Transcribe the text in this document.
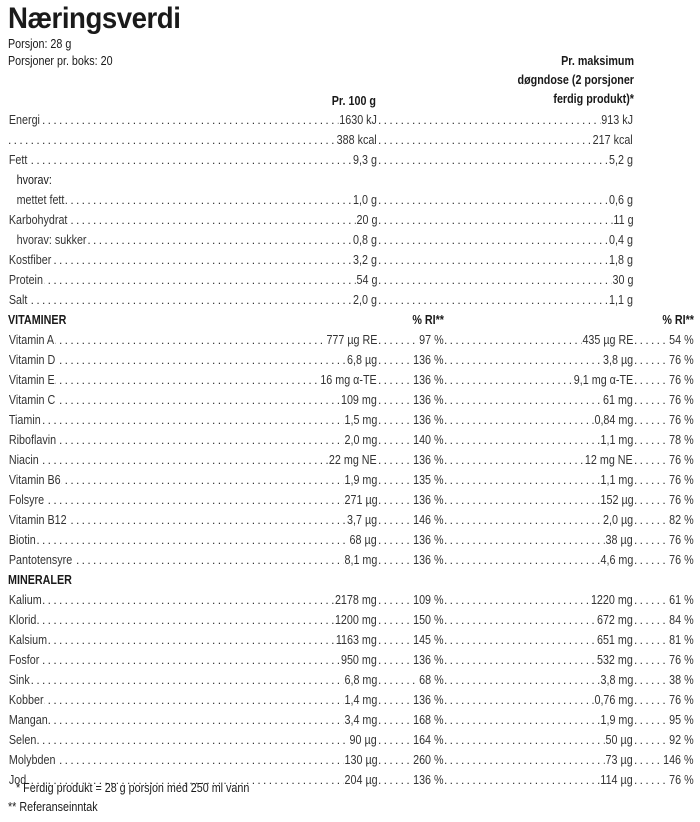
Næringsverdi
Porsjon: 28 g
Porsjoner pr. boks: 20	Pr. maksimum
døgndose (2 porsjoner
ferdig produkt)*
Pr. 100 g
. . . Energi	1630 kJ	. . . 913 kJ
. . . 388 kcal	. . . 217 kcal
. . . Fett	9,3 g	. . . 5,2 g
hvorav:
. . . mettet fett	1,0 g	. . . 0,6 g
. . . Karbohydrat	20 g	. . . 11 g
. . . hvorav: sukker	0,8 g	. . . 0,4 g
. . . Kostfiber	3,2 g	. . . 1,8 g
. . . Protein	54 g	. . . 30 g
. . . Salt	2,0 g	. . . 1,1 g
VITAMINER	% RI**	% RI**
. . . Vitamin A	777 µg RE	. . . 97 %	. . . 435 µg RE	. . . 54 %
. . . Vitamin D	6,8 µg	. . . 136 %	. . . 3,8 µg	. . . 76 %
. . . Vitamin E	16 mg α-TE	. . . 136 %	. . . 9,1 mg α-TE	. . . 76 %
. . . Vitamin C	109 mg	. . . 136 %	. . . 61 mg	. . . 76 %
. . . Tiamin	1,5 mg	. . . 136 %	. . . 0,84 mg	. . . 76 %
. . . Riboflavin	2,0 mg	. . . 140 %	. . . 1,1 mg	. . . 78 %
. . . Niacin	22 mg NE	. . . 136 %	. . . 12 mg NE	. . . 76 %
. . . Vitamin B6	1,9 mg	. . . 135 %	. . . 1,1 mg	. . . 76 %
. . . Folsyre	271 µg	. . . 136 %	. . . 152 µg	. . . 76 %
. . . Vitamin B12	3,7 µg	. . . 146 %	. . . 2,0 µg	. . . 82 %
. . . Biotin	68 µg	. . . 136 %	. . . 38 µg	. . . 76 %
. . . Pantotensyre	8,1 mg	. . . 136 %	. . . 4,6 mg	. . . 76 %
MINERALER
. . . Kalium	2178 mg	. . . 109 %	. . . 1220 mg	. . . 61 %
. . . Klorid	1200 mg	. . . 150 %	. . . 672 mg	. . . 84 %
. . . Kalsium	1163 mg	. . . 145 %	. . . 651 mg	. . . 81 %
. . . Fosfor	950 mg	. . . 136 %	. . . 532 mg	. . . 76 %
. . . Sink	6,8 mg	. . . 68 %	. . . 3,8 mg	. . . 38 %
. . . Kobber	1,4 mg	. . . 136 %	. . . 0,76 mg	. . . 76 %
. . . Mangan	3,4 mg	. . . 168 %	. . . 1,9 mg	. . . 95 %
. . . Selen	90 µg	. . . 164 %	. . . 50 µg	. . . 92 %
. . . Molybden	130 µg	. . . 260 %	. . . 73 µg . . . 146 %
. . . Jod	204 µg	. . . 136 %	. . . 114 µg	. . . 76 %
* Ferdig produkt = 28 g porsjon med 250 ml vann
** Referanseinntak
